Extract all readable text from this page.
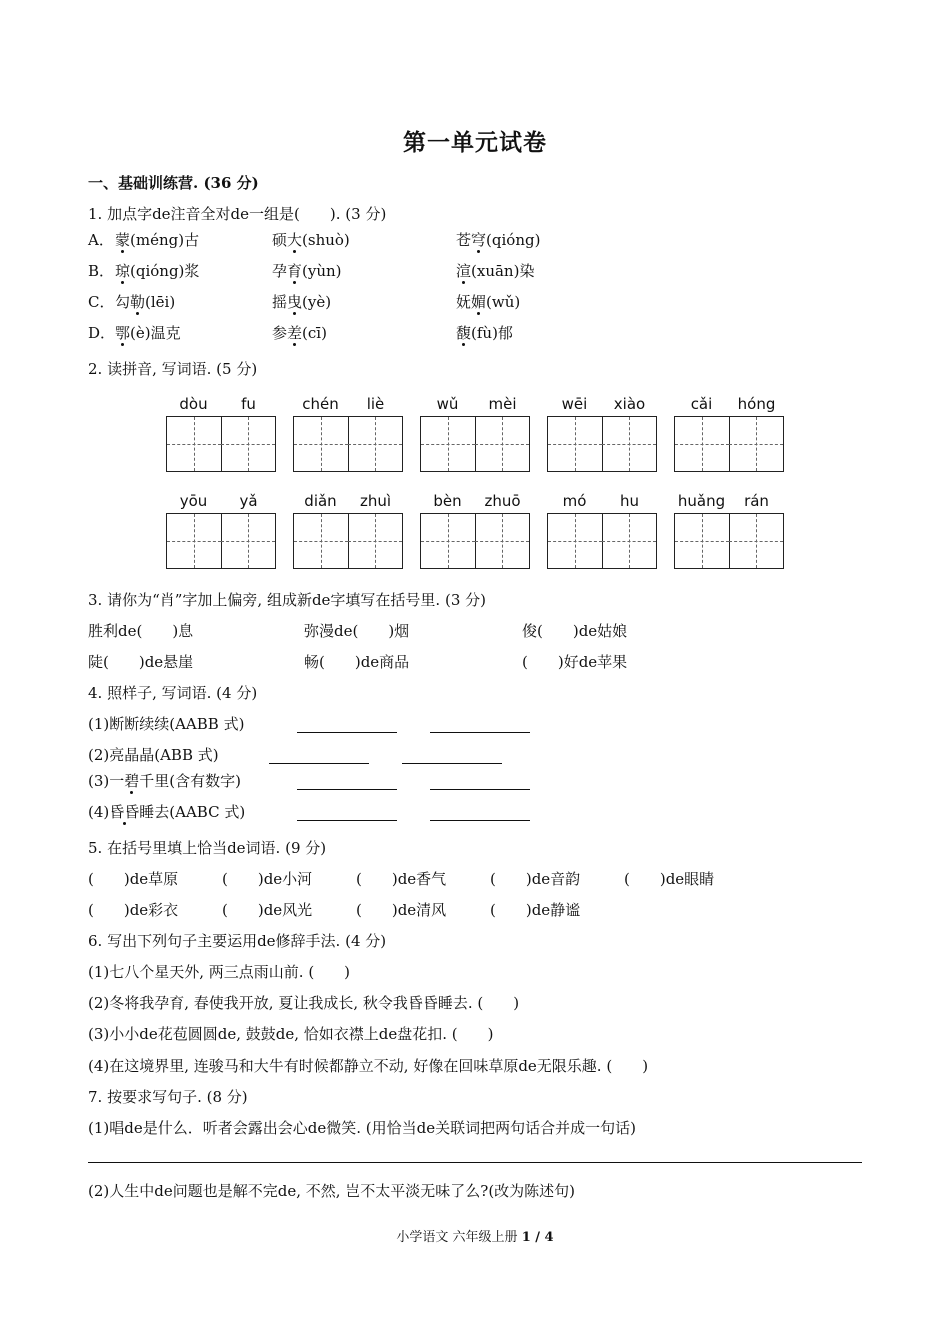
第一单元试卷
一、基础训练营. (36 分)
1. 加点字de注音全对de一组是(　　). (3 分)
A．蒙(méng)古	硕大(shuò)	苍穹(qióng)
B．琼(qióng)浆	孕育(yùn)	渲(xuān)染
C．勾勒(lēi)	摇曳(yè)	妩媚(wǔ)
D．鄂(è)温克	参差(cī)	馥(fù)郁
2. 读拼音, 写词语. (5 分)
dòu	fu	chén	liè	wǔ	mèi	wēi	xiào	cǎi	hóng
yōu	yǎ	diǎn	zhuì	bèn	zhuō	mó	hu	huǎng	rán
3. 请你为“肖”字加上偏旁, 组成新de字填写在括号里. (3 分)
胜利de(　　)息	弥漫de(　　)烟	俊(　　)de姑娘
陡(　　)de悬崖	畅(　　)de商品	(　　)好de苹果
4. 照样子, 写词语. (4 分)
(1)断断续续(AABB 式)
(2)亮晶晶(ABB 式)
(3)一碧千里(含有数字)
(4)昏昏睡去(AABC 式)
5. 在括号里填上恰当de词语. (9 分)
(　　)de草原	(　　)de小河	(　　)de香气	(　　)de音韵	(　　)de眼睛
(　　)de彩衣	(　　)de风光	(　　)de清风	(　　)de静谧
6. 写出下列句子主要运用de修辞手法. (4 分)
(1)七八个星天外, 两三点雨山前. (　　)
(2)冬将我孕育, 春使我开放, 夏让我成长, 秋令我昏昏睡去. (　　)
(3)小小de花苞圆圆de, 鼓鼓de, 恰如衣襟上de盘花扣. (　　)
(4)在这境界里, 连骏马和大牛有时候都静立不动, 好像在回味草原de无限乐趣. (　　)
7. 按要求写句子. (8 分)
(1)唱de是什么．听者会露出会心de微笑. (用恰当de关联词把两句话合并成一句话)
(2)人生中de问题也是解不完de, 不然, 岂不太平淡无味了么?(改为陈述句)
小学语文 六年级上册 1 / 4
